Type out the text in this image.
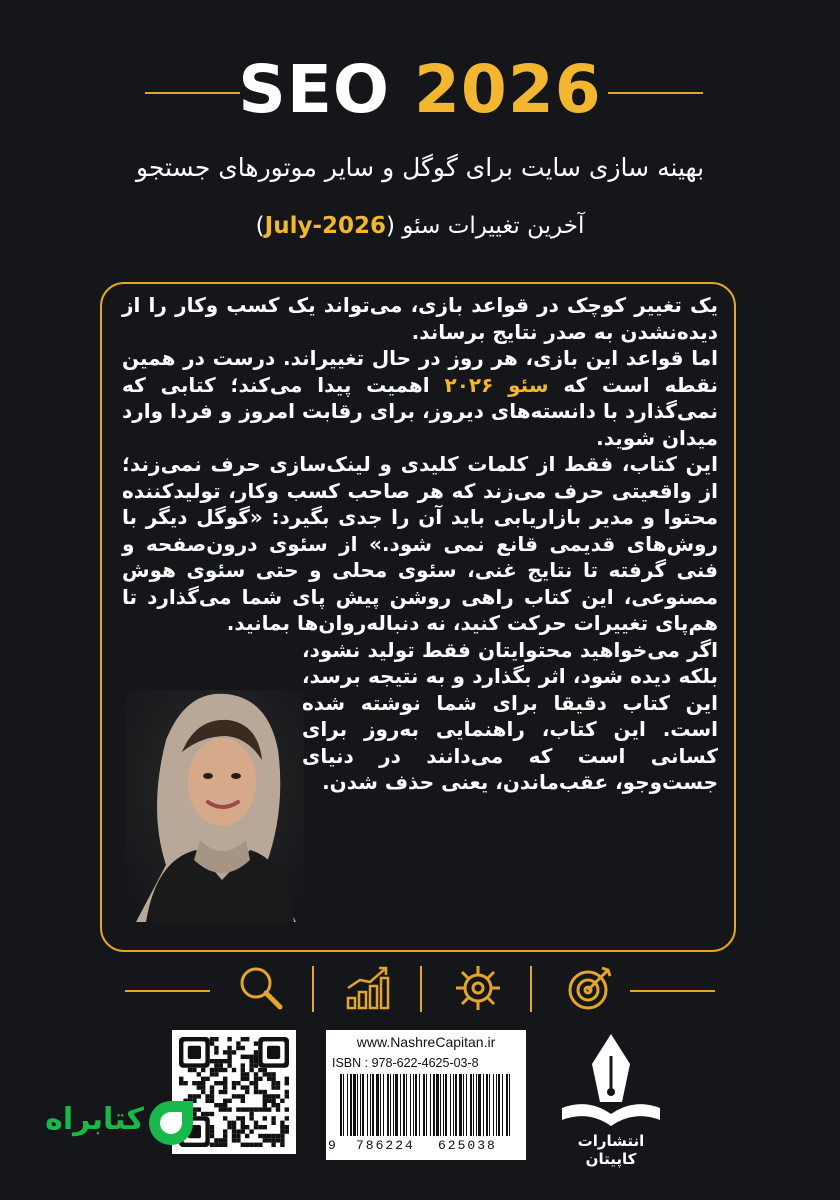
SEO 2026
بهینه سازی سایت برای گوگل و سایر موتورهای جستجو
آخرین تغییرات سئو (2026-July)

یک تغییر کوچک در قواعد بازی، می‌تواند یک کسب وکار را از دیده‌نشدن به صدر نتایج برساند.

اما قواعد این بازی، هر روز در حال تغییر‌اند. درست در همین نقطه است که سئو ۲۰۲۶ اهمیت پیدا می‌کند؛ کتابی که نمی‌گذارد با دانسته‌های دیروز، برای رقابت امروز و فردا وارد میدان شوید.

این کتاب، فقط از کلمات کلیدی و لینک‌سازی حرف نمی‌زند؛ از واقعیتی حرف می‌زند که هر صاحب کسب وکار، تولیدکننده محتوا و مدیر بازاریابی باید آن را جدی بگیرد: «گوگل دیگر با روش‌های قدیمی قانع نمی شود.» از سئوی درون‌صفحه و فنی گرفته تا نتایج غنی، سئوی محلی و حتی سئوی هوش مصنوعی، این کتاب راهی روشن پیش پای شما می‌گذارد تا هم‌پای تغییرات حرکت کنید، نه دنباله‌روان‌ها بمانید.

اگر می‌خواهید محتوایتان فقط تولید نشود، بلکه دیده شود، اثر بگذارد و به نتیجه برسد، این کتاب دقیقا برای شما نوشته شده است. این کتاب، راهنمایی به‌روز برای کسانی است که می‌دانند در دنیای جست‌وجو، عقب‌ماندن، یعنی حذف شدن.

www.NashreCapitan.ir
ISBN : 978-622-4625-03-8
9 786224 625038	انتشارات کاپیتان
کتابراه
